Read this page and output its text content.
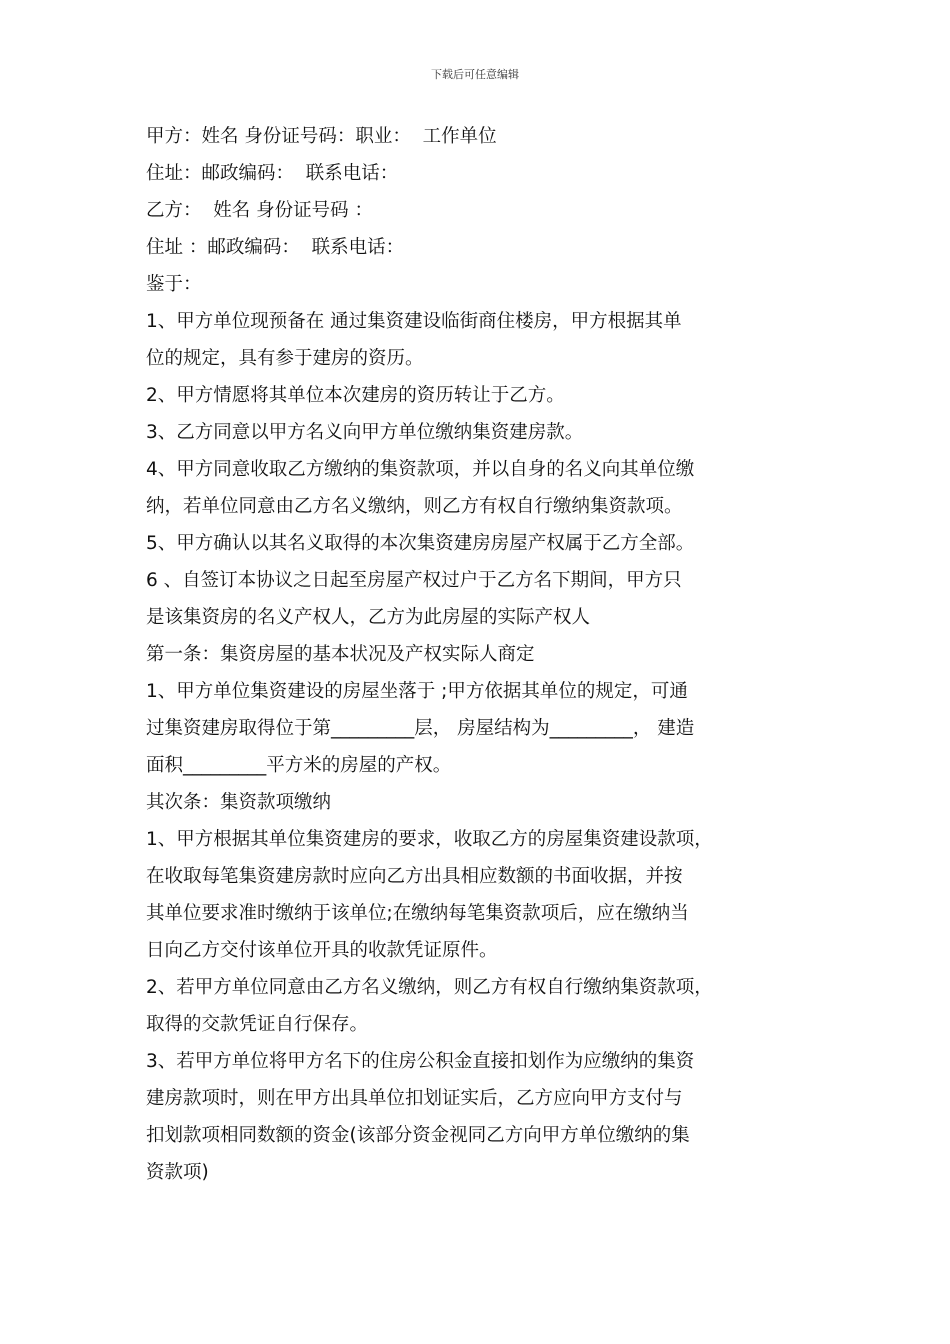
下载后可任意编辑

甲方：姓名 身份证号码：职业：  工作单位

住址：邮政编码：  联系电话：

乙方：  姓名 身份证号码 ：

住址 ：邮政编码：  联系电话：

鉴于：

1、甲方单位现预备在 通过集资建设临街商住楼房，甲方根据其单

位的规定，具有参于建房的资历。

2、甲方情愿将其单位本次建房的资历转让于乙方。

3、乙方同意以甲方名义向甲方单位缴纳集资建房款。

4、甲方同意收取乙方缴纳的集资款项，并以自身的名义向其单位缴

纳，若单位同意由乙方名义缴纳，则乙方有权自行缴纳集资款项。

5、甲方确认以其名义取得的本次集资建房房屋产权属于乙方全部。

6 、自签订本协议之日起至房屋产权过户于乙方名下期间，甲方只

是该集资房的名义产权人，乙方为此房屋的实际产权人

第一条：集资房屋的基本状况及产权实际人商定

1、甲方单位集资建设的房屋坐落于 ;甲方依据其单位的规定，可通

过集资建房取得位于第_________层， 房屋结构为_________， 建造

面积_________平方米的房屋的产权。

其次条：集资款项缴纳

1、甲方根据其单位集资建房的要求，收取乙方的房屋集资建设款项，

在收取每笔集资建房款时应向乙方出具相应数额的书面收据，并按

其单位要求准时缴纳于该单位;在缴纳每笔集资款项后，应在缴纳当

日向乙方交付该单位开具的收款凭证原件。

2、若甲方单位同意由乙方名义缴纳，则乙方有权自行缴纳集资款项，

取得的交款凭证自行保存。

3、若甲方单位将甲方名下的住房公积金直接扣划作为应缴纳的集资

建房款项时，则在甲方出具单位扣划证实后，乙方应向甲方支付与

扣划款项相同数额的资金(该部分资金视同乙方向甲方单位缴纳的集

资款项)
